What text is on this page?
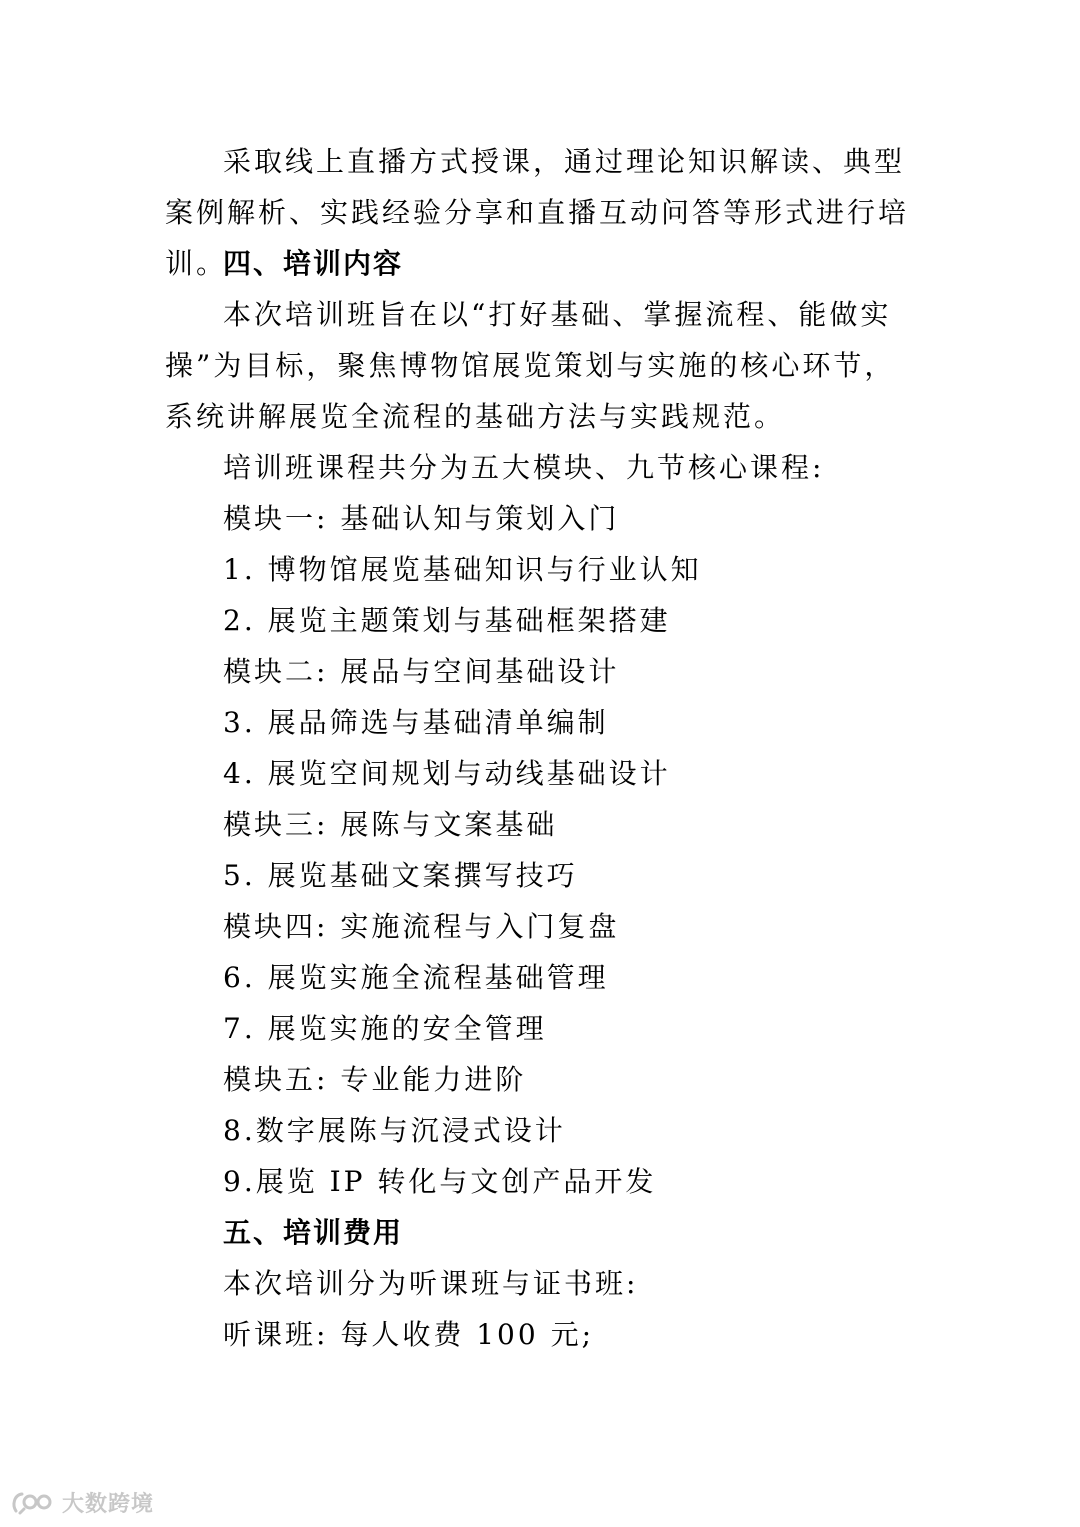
采取线上直播方式授课，通过理论知识解读、典型案例解析、实践经验分享和直播互动问答等形式进行培训。

四、培训内容

本次培训班旨在以“打好基础、掌握流程、能做实操”为目标，聚焦博物馆展览策划与实施的核心环节，系统讲解展览全流程的基础方法与实践规范。

培训班课程共分为五大模块、九节核心课程:

模块一: 基础认知与策划入门

1. 博物馆展览基础知识与行业认知

2. 展览主题策划与基础框架搭建

模块二: 展品与空间基础设计

3. 展品筛选与基础清单编制

4. 展览空间规划与动线基础设计

模块三: 展陈与文案基础

5. 展览基础文案撰写技巧

模块四: 实施流程与入门复盘

6. 展览实施全流程基础管理

7. 展览实施的安全管理

模块五: 专业能力进阶

8.数字展陈与沉浸式设计

9.展览 IP 转化与文创产品开发

五、培训费用

本次培训分为听课班与证书班:

听课班: 每人收费 100 元;

大数跨境
